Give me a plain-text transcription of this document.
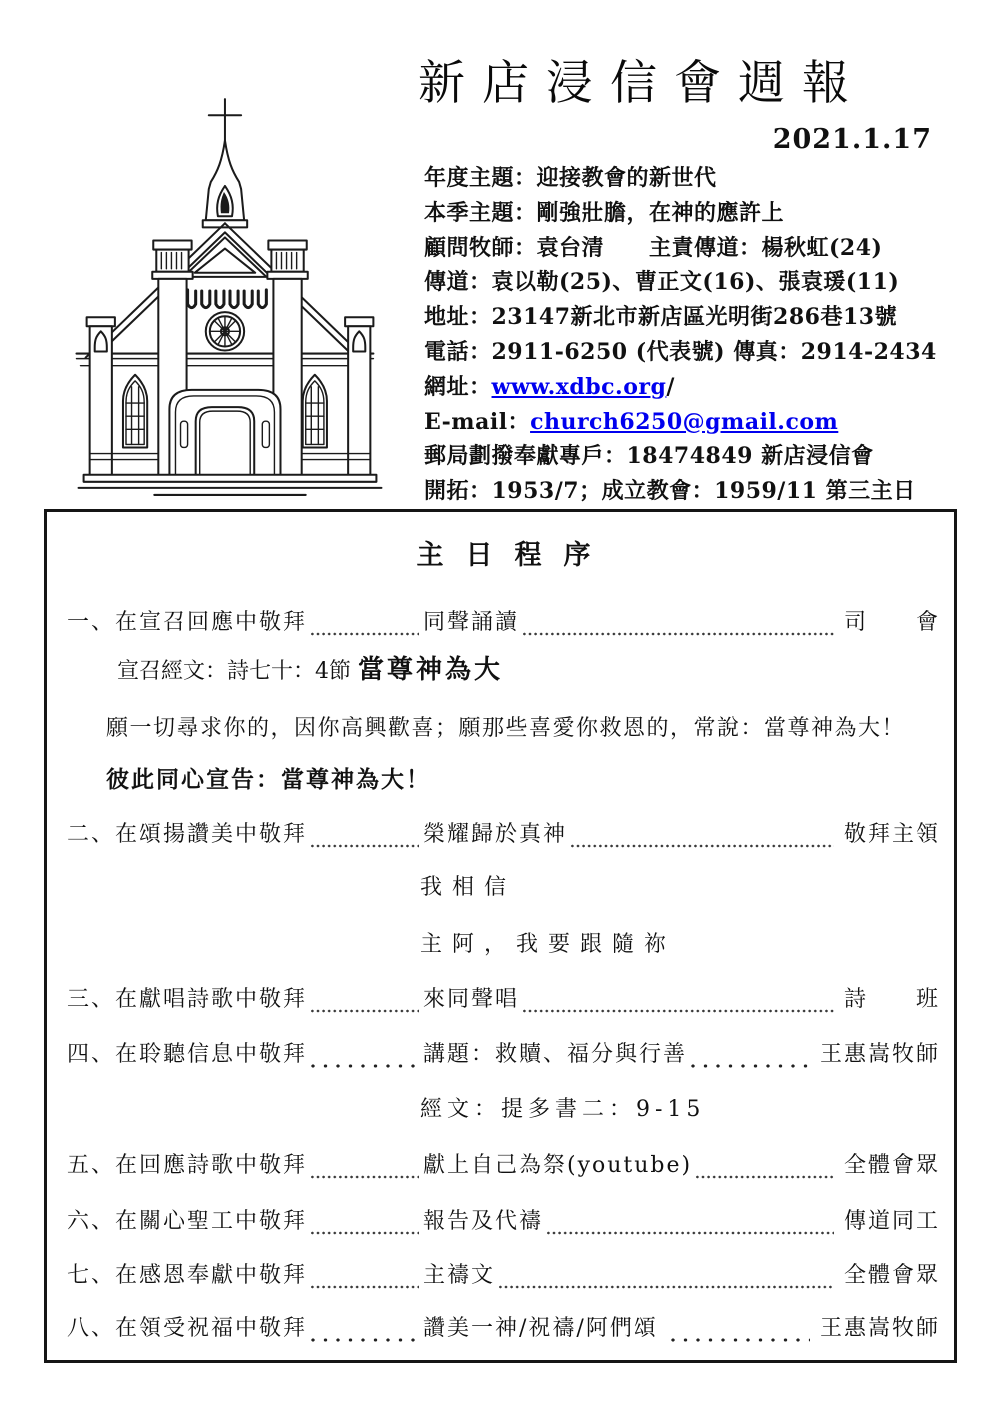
新店浸信會週報
2021.1.17
年度主題：迎接教會的新世代
本季主題：剛強壯膽，在神的應許上
顧問牧師：袁台清　　主責傳道：楊秋虹(24)
傳道：袁以勒(25)、曹正文(16)、張袁瑗(11)
地址：23147新北市新店區光明街286巷13號
電話：2911-6250 (代表號) 傳真：2914-2434
網址：www.xdbc.org/
E-mail：church6250@gmail.com
郵局劃撥奉獻專戶：18474849 新店浸信會
開拓：1953/7；成立教會：1959/11 第三主日
主日程序
一、在宣召回應中敬拜	同聲誦讀	司　　會
宣召經文：詩七十：4節 當尊神為大
願一切尋求你的，因你高興歡喜；願那些喜愛你救恩的，常說：當尊神為大！
彼此同心宣告：當尊神為大！
二、在頌揚讚美中敬拜	榮耀歸於真神	敬拜主領
我相信
主阿，我要跟隨祢
三、在獻唱詩歌中敬拜	來同聲唱	詩　　班
四、在聆聽信息中敬拜	講題：救贖、福分與行善	王惠嵩牧師
經文：提多書二：9-15
五、在回應詩歌中敬拜	獻上自己為祭(youtube)	全體會眾
六、在關心聖工中敬拜	報告及代禱	傳道同工
七、在感恩奉獻中敬拜	主禱文	全體會眾
八、在領受祝福中敬拜	讚美一神/祝禱/阿們頌	王惠嵩牧師
